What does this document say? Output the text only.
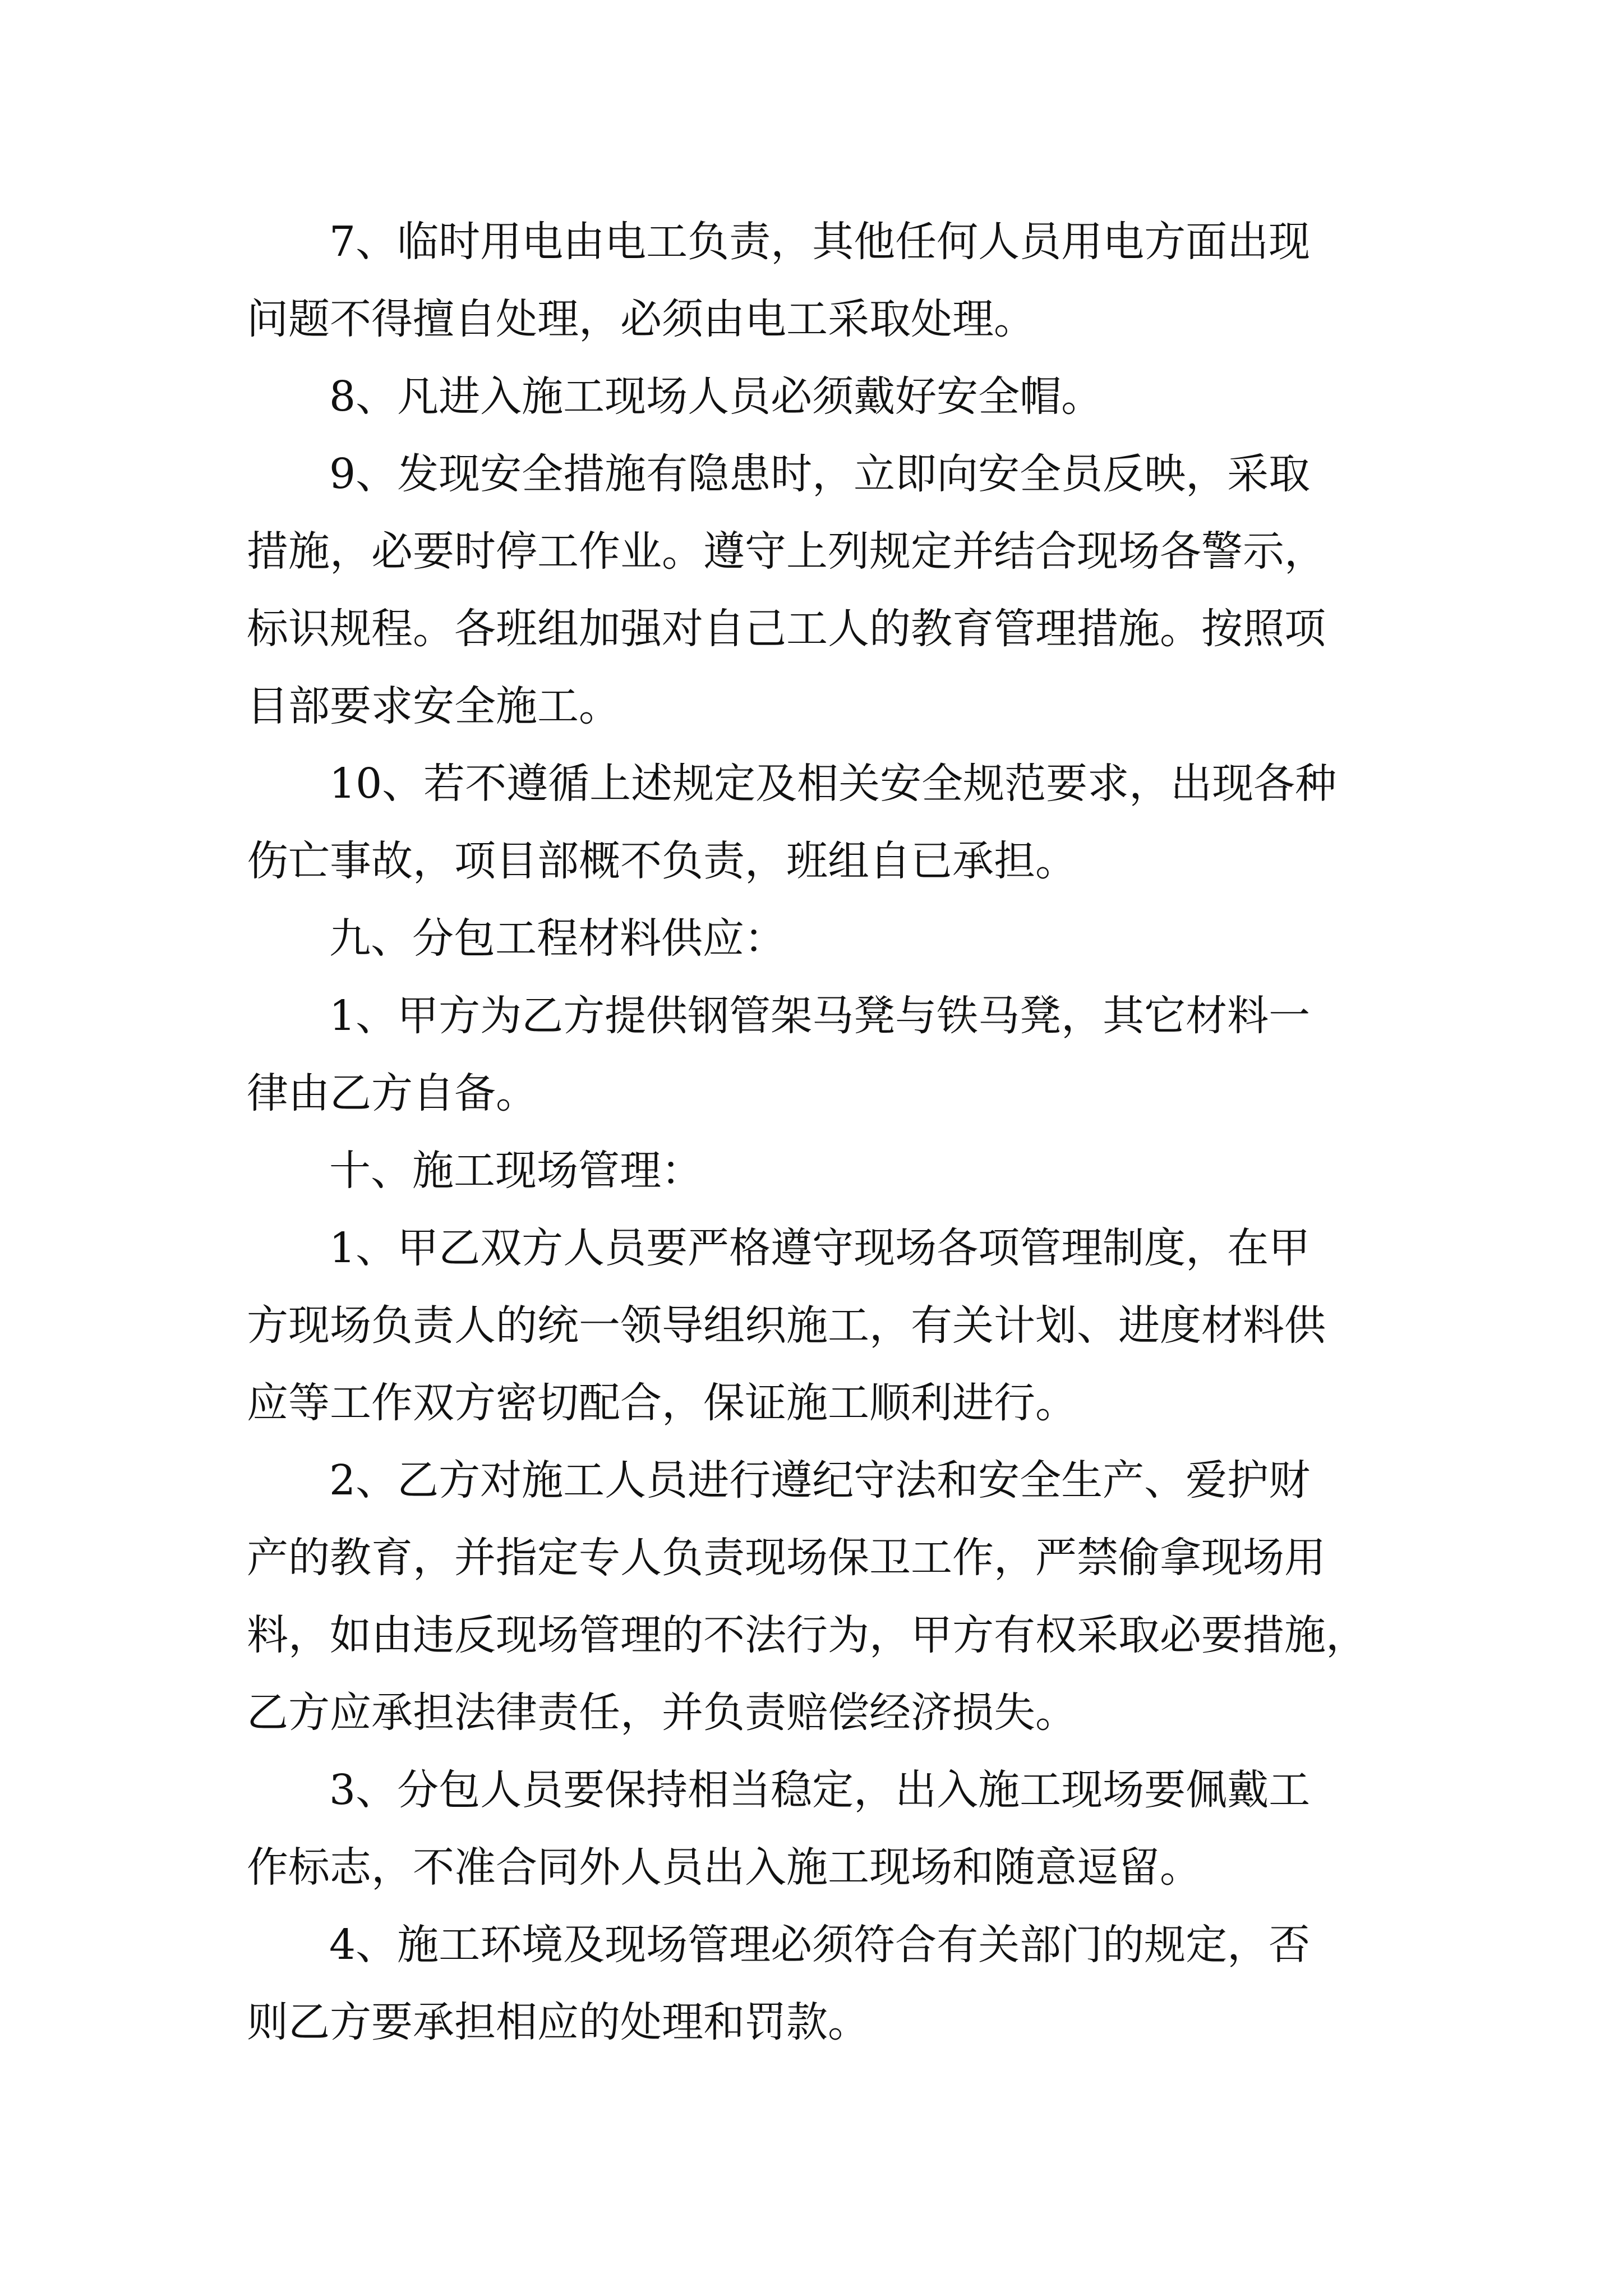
7、临时用电由电工负责，其他任何人员用电方面出现

问题不得擅自处理，必须由电工采取处理。

8、凡进入施工现场人员必须戴好安全帽。

9、发现安全措施有隐患时，立即向安全员反映，采取

措施，必要时停工作业。遵守上列规定并结合现场各警示，

标识规程。各班组加强对自己工人的教育管理措施。按照项

目部要求安全施工。

10、若不遵循上述规定及相关安全规范要求，出现各种

伤亡事故，项目部概不负责，班组自已承担。

九、分包工程材料供应：

1、甲方为乙方提供钢管架马凳与铁马凳，其它材料一

律由乙方自备。

十、施工现场管理：

1、甲乙双方人员要严格遵守现场各项管理制度，在甲

方现场负责人的统一领导组织施工，有关计划、进度材料供

应等工作双方密切配合，保证施工顺利进行。

2、乙方对施工人员进行遵纪守法和安全生产、爱护财

产的教育，并指定专人负责现场保卫工作，严禁偷拿现场用

料，如由违反现场管理的不法行为，甲方有权采取必要措施，

乙方应承担法律责任，并负责赔偿经济损失。

3、分包人员要保持相当稳定，出入施工现场要佩戴工

作标志，不准合同外人员出入施工现场和随意逗留。

4、施工环境及现场管理必须符合有关部门的规定，否

则乙方要承担相应的处理和罚款。
